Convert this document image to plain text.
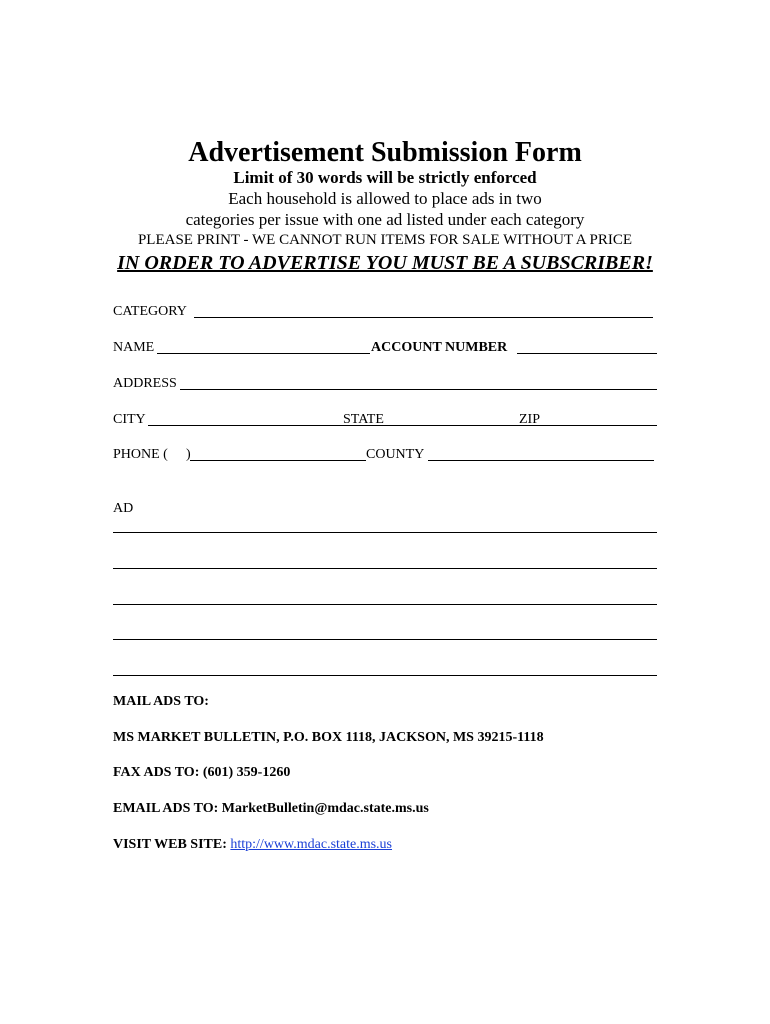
Advertisement Submission Form
Limit of 30 words will be strictly enforced
Each household is allowed to place ads in two
categories per issue with one ad listed under each category
PLEASE PRINT - WE CANNOT RUN ITEMS FOR SALE WITHOUT A PRICE
IN ORDER TO ADVERTISE YOU MUST BE A SUBSCRIBER!
CATEGORY
NAME	ACCOUNT NUMBER
ADDRESS
CITY	STATE	ZIP
PHONE ( )	COUNTY
AD
MAIL ADS TO:
MS MARKET BULLETIN, P.O. BOX 1118, JACKSON, MS 39215-1118
FAX ADS TO: (601) 359-1260
EMAIL ADS TO: MarketBulletin@mdac.state.ms.us
VISIT WEB SITE: http://www.mdac.state.ms.us
